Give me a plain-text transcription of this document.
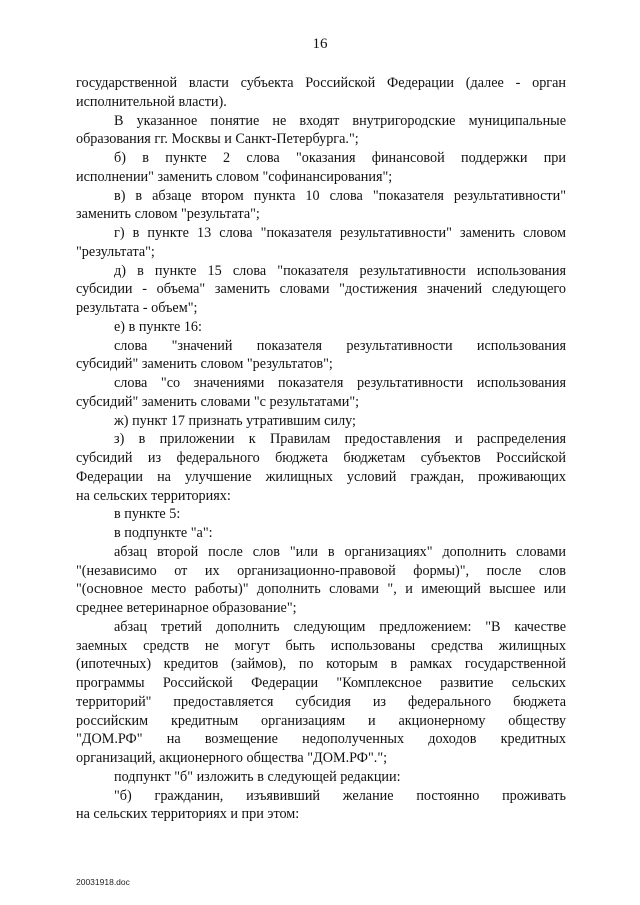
16
государственной власти субъекта Российской Федерации (далее - орган
исполнительной власти).
В указанное понятие не входят внутригородские муниципальные
образования гг. Москвы и Санкт-Петербурга.";
б) в пункте 2 слова "оказания финансовой поддержки при
исполнении" заменить словом "софинансирования";
в) в абзаце втором пункта 10 слова "показателя результативности"
заменить словом "результата";
г) в пункте 13 слова "показателя результативности" заменить словом
"результата";
д) в пункте 15 слова "показателя результативности использования
субсидии - объема" заменить словами "достижения значений следующего
результата - объем";
е) в пункте 16:
слова "значений показателя результативности использования
субсидий" заменить словом "результатов";
слова "со значениями показателя результативности использования
субсидий" заменить словами "с результатами";
ж) пункт 17 признать утратившим силу;
з) в приложении к Правилам предоставления и распределения
субсидий из федерального бюджета бюджетам субъектов Российской
Федерации на улучшение жилищных условий граждан, проживающих
на сельских территориях:
в пункте 5:
в подпункте "а":
абзац второй после слов "или в организациях" дополнить словами
"(независимо от их организационно-правовой формы)", после слов
"(основное место работы)" дополнить словами ", и имеющий высшее или
среднее ветеринарное образование";
абзац третий дополнить следующим предложением: "В качестве
заемных средств не могут быть использованы средства жилищных
(ипотечных) кредитов (займов), по которым в рамках государственной
программы Российской Федерации "Комплексное развитие сельских
территорий" предоставляется субсидия из федерального бюджета
российским кредитным организациям и акционерному обществу
"ДОМ.РФ" на возмещение недополученных доходов кредитных
организаций, акционерного общества "ДОМ.РФ".";
подпункт "б" изложить в следующей редакции:
"б) гражданин, изъявивший желание постоянно проживать
на сельских территориях и при этом:
20031918.doc
